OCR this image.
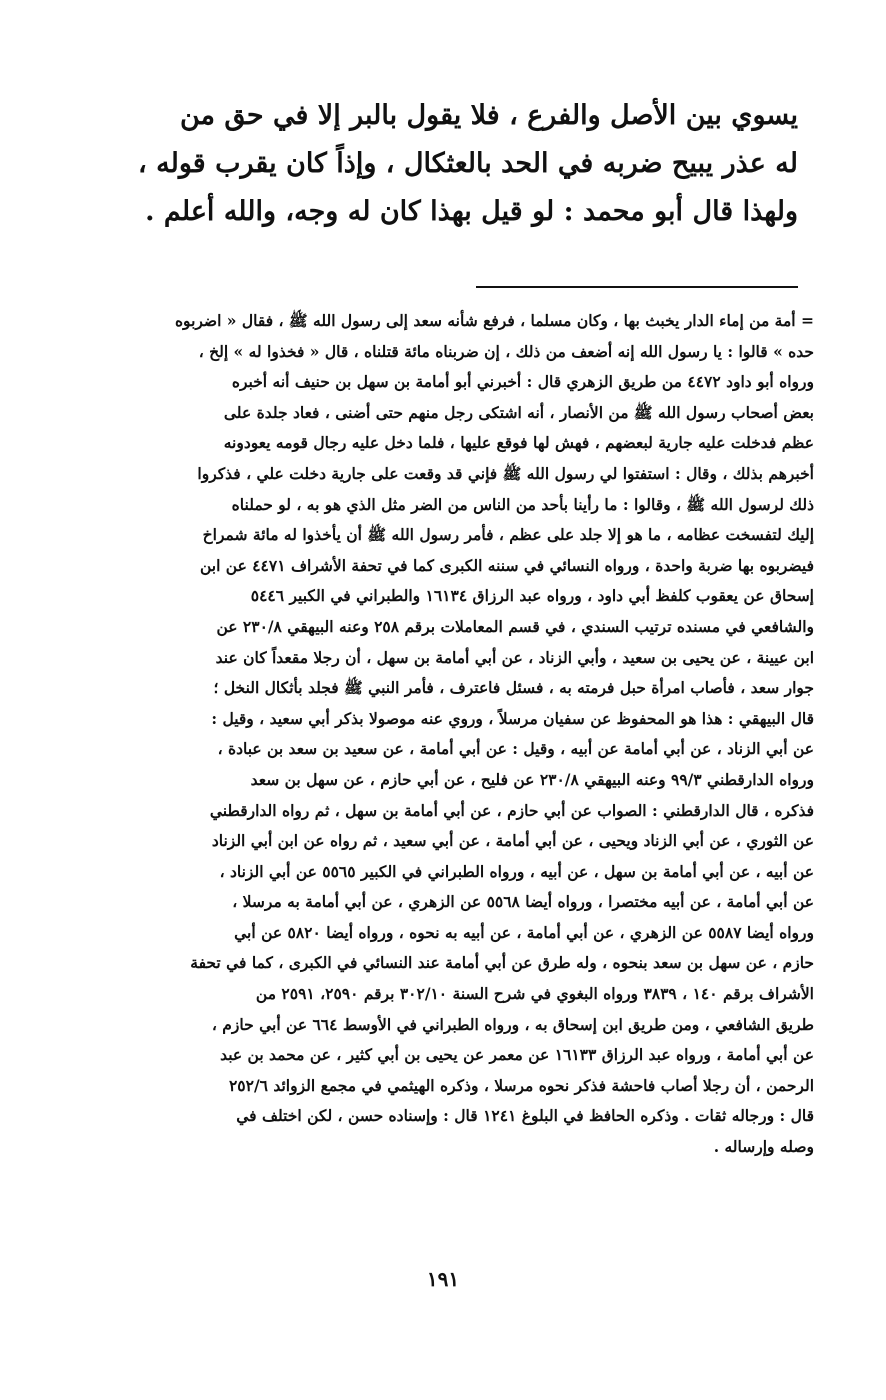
يسوي بين الأصل والفرع ، فلا يقول بالبر إلا في حق من
له عذر يبيح ضربه في الحد بالعثكال ، وإذاً كان يقرب قوله ،
ولهذا قال أبو محمد : لو قيل بهذا كان له وجه، والله أعلم .
= أمة من إماء الدار يخبث بها ، وكان مسلما ، فرفع شأنه سعد إلى رسول الله ﷺ ، فقال « اضربوه
حده » قالوا : يا رسول الله إنه أضعف من ذلك ، إن ضربناه مائة قتلناه ، قال « فخذوا له » إلخ ،
ورواه أبو داود ٤٤٧٢ من طريق الزهري قال : أخبرني أبو أمامة بن سهل بن حنيف أنه أخبره
بعض أصحاب رسول الله ﷺ من الأنصار ، أنه اشتكى رجل منهم حتى أضنى ، فعاد جلدة على
عظم فدخلت عليه جارية لبعضهم ، فهش لها فوقع عليها ، فلما دخل عليه رجال قومه يعودونه
أخبرهم بذلك ، وقال : استفتوا لي رسول الله ﷺ فإني قد وقعت على جارية دخلت علي ، فذكروا
ذلك لرسول الله ﷺ ، وقالوا : ما رأينا بأحد من الناس من الضر مثل الذي هو به ، لو حملناه
إليك لتفسخت عظامه ، ما هو إلا جلد على عظم ، فأمر رسول الله ﷺ أن يأخذوا له مائة شمراخ
فيضربوه بها ضربة واحدة ، ورواه النسائي في سننه الكبرى كما في تحفة الأشراف ٤٤٧١ عن ابن
إسحاق عن يعقوب كلفظ أبي داود ، ورواه عبد الرزاق ١٦١٣٤ والطبراني في الكبير ٥٤٤٦
والشافعي في مسنده ترتيب السندي ، في قسم المعاملات برقم ٢٥٨ وعنه البيهقي ٢٣٠/٨ عن
ابن عيينة ، عن يحيى بن سعيد ، وأبي الزناد ، عن أبي أمامة بن سهل ، أن رجلا مقعداً كان عند
جوار سعد ، فأصاب امرأة حبل فرمته به ، فسئل فاعترف ، فأمر النبي ﷺ فجلد بأثكال النخل ؛
قال البيهقي : هذا هو المحفوظ عن سفيان مرسلاً ، وروي عنه موصولا بذكر أبي سعيد ، وقيل :
عن أبي الزناد ، عن أبي أمامة عن أبيه ، وقيل : عن أبي أمامة ، عن سعيد بن سعد بن عبادة ،
ورواه الدارقطني ٩٩/٣ وعنه البيهقي ٢٣٠/٨ عن فليح ، عن أبي حازم ، عن سهل بن سعد
فذكره ، قال الدارقطني : الصواب عن أبي حازم ، عن أبي أمامة بن سهل ، ثم رواه الدارقطني
عن الثوري ، عن أبي الزناد ويحيى ، عن أبي أمامة ، عن أبي سعيد ، ثم رواه عن ابن أبي الزناد
عن أبيه ، عن أبي أمامة بن سهل ، عن أبيه ، ورواه الطبراني في الكبير ٥٥٦٥ عن أبي الزناد ،
عن أبي أمامة ، عن أبيه مختصرا ، ورواه أيضا ٥٥٦٨ عن الزهري ، عن أبي أمامة به مرسلا ،
ورواه أيضا ٥٥٨٧ عن الزهري ، عن أبي أمامة ، عن أبيه به نحوه ، ورواه أيضا ٥٨٢٠ عن أبي
حازم ، عن سهل بن سعد بنحوه ، وله طرق عن أبي أمامة عند النسائي في الكبرى ، كما في تحفة
الأشراف برقم ١٤٠ ، ٣٨٣٩ ورواه البغوي في شرح السنة ٣٠٢/١٠ برقم ٢٥٩٠، ٢٥٩١ من
طريق الشافعي ، ومن طريق ابن إسحاق به ، ورواه الطبراني في الأوسط ٦٦٤ عن أبي حازم ،
عن أبي أمامة ، ورواه عبد الرزاق ١٦١٣٣ عن معمر عن يحيى بن أبي كثير ، عن محمد بن عبد
الرحمن ، أن رجلا أصاب فاحشة فذكر نحوه مرسلا ، وذكره الهيثمي في مجمع الزوائد ٢٥٢/٦
قال : ورجاله ثقات . وذكره الحافظ في البلوغ ١٢٤١ قال : وإسناده حسن ، لكن اختلف في
وصله وإرساله .
١٩١
